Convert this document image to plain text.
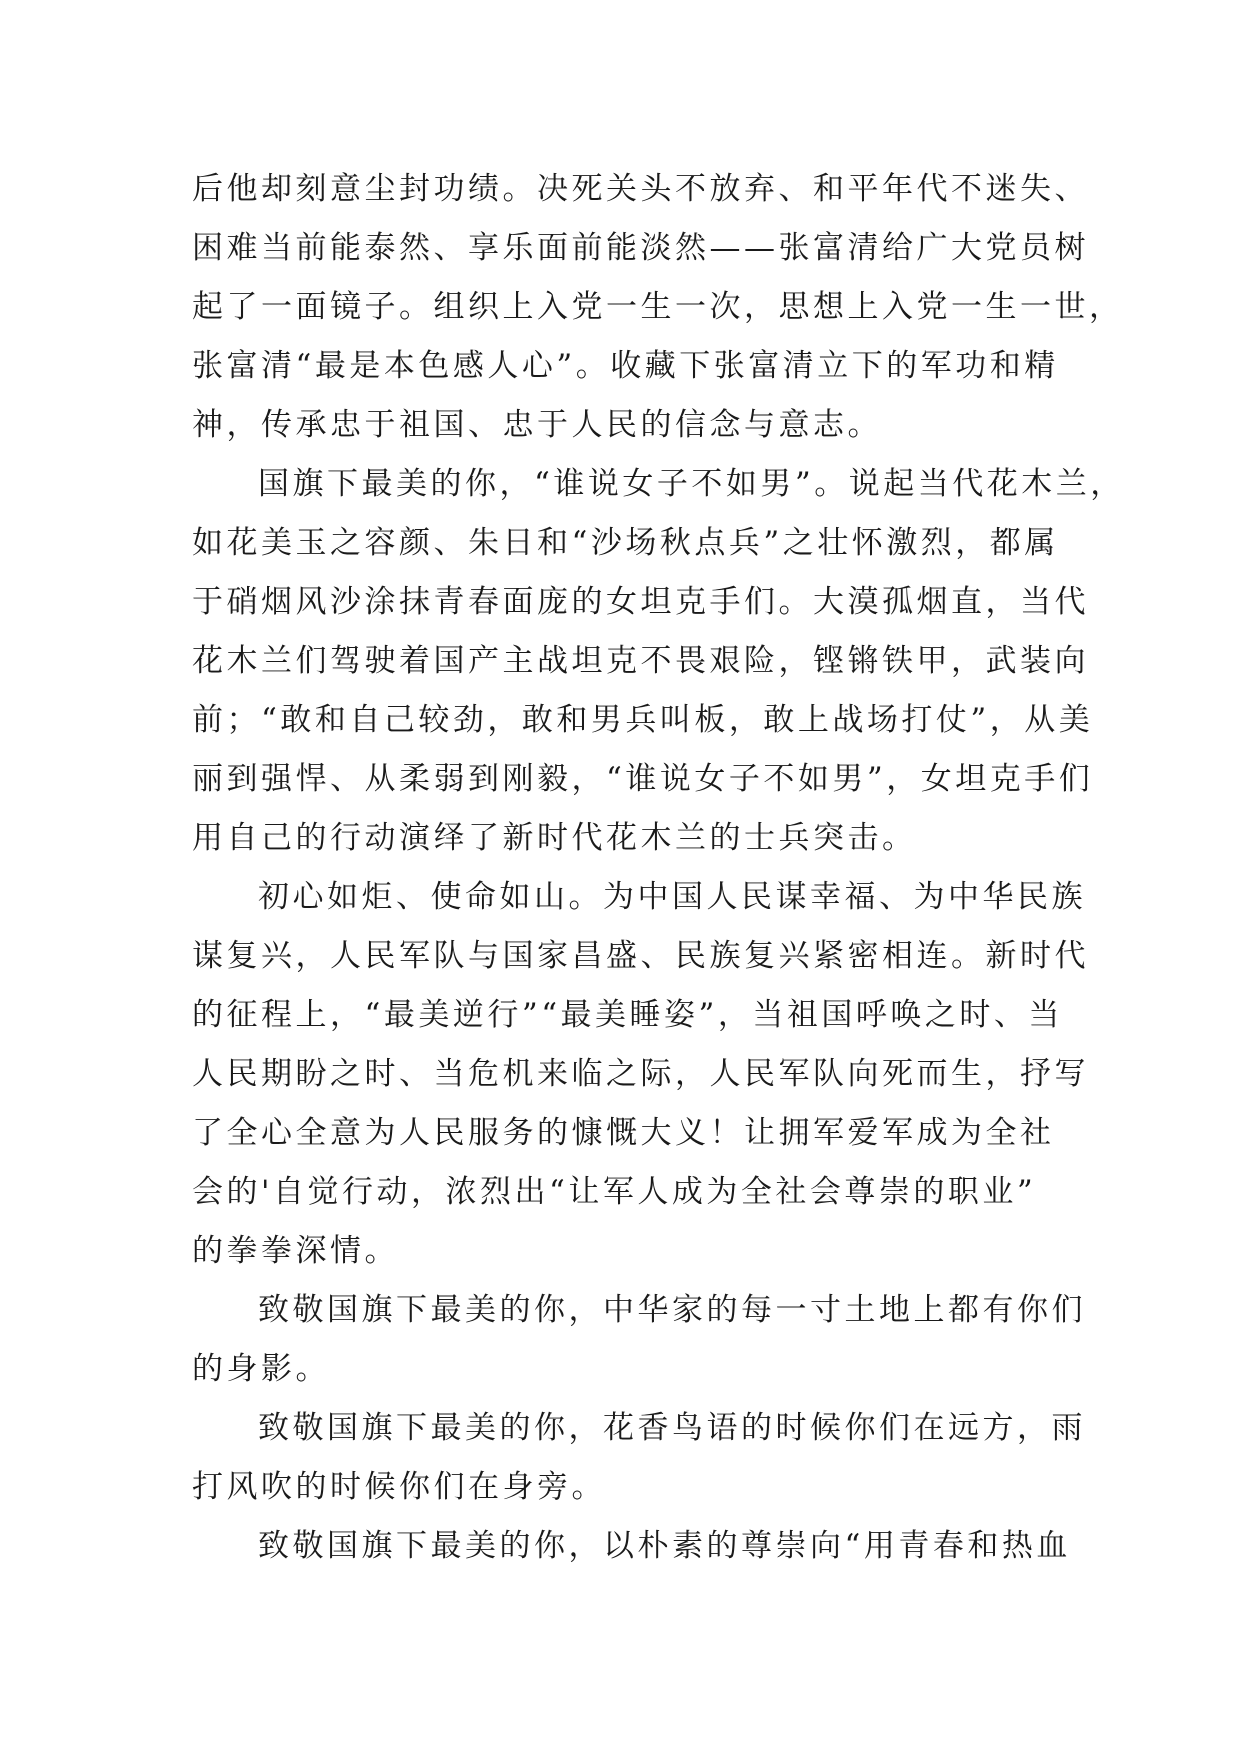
后他却刻意尘封功绩。决死关头不放弃、和平年代不迷失、
困难当前能泰然、享乐面前能淡然——张富清给广大党员树
起了一面镜子。组织上入党一生一次，思想上入党一生一世，
张富清“最是本色感人心”。收藏下张富清立下的军功和精
神，传承忠于祖国、忠于人民的信念与意志。
国旗下最美的你，“谁说女子不如男”。说起当代花木兰，
如花美玉之容颜、朱日和“沙场秋点兵”之壮怀激烈，都属
于硝烟风沙涂抹青春面庞的女坦克手们。大漠孤烟直，当代
花木兰们驾驶着国产主战坦克不畏艰险，铿锵铁甲，武装向
前；“敢和自己较劲，敢和男兵叫板，敢上战场打仗”，从美
丽到强悍、从柔弱到刚毅，“谁说女子不如男”，女坦克手们
用自己的行动演绎了新时代花木兰的士兵突击。
初心如炬、使命如山。为中国人民谋幸福、为中华民族
谋复兴，人民军队与国家昌盛、民族复兴紧密相连。新时代
的征程上，“最美逆行”“最美睡姿”，当祖国呼唤之时、当
人民期盼之时、当危机来临之际，人民军队向死而生，抒写
了全心全意为人民服务的慷慨大义！让拥军爱军成为全社
会的'自觉行动，浓烈出“让军人成为全社会尊崇的职业”
的拳拳深情。
致敬国旗下最美的你，中华家的每一寸土地上都有你们
的身影。
致敬国旗下最美的你，花香鸟语的时候你们在远方，雨
打风吹的时候你们在身旁。
致敬国旗下最美的你，以朴素的尊崇向“用青春和热血
